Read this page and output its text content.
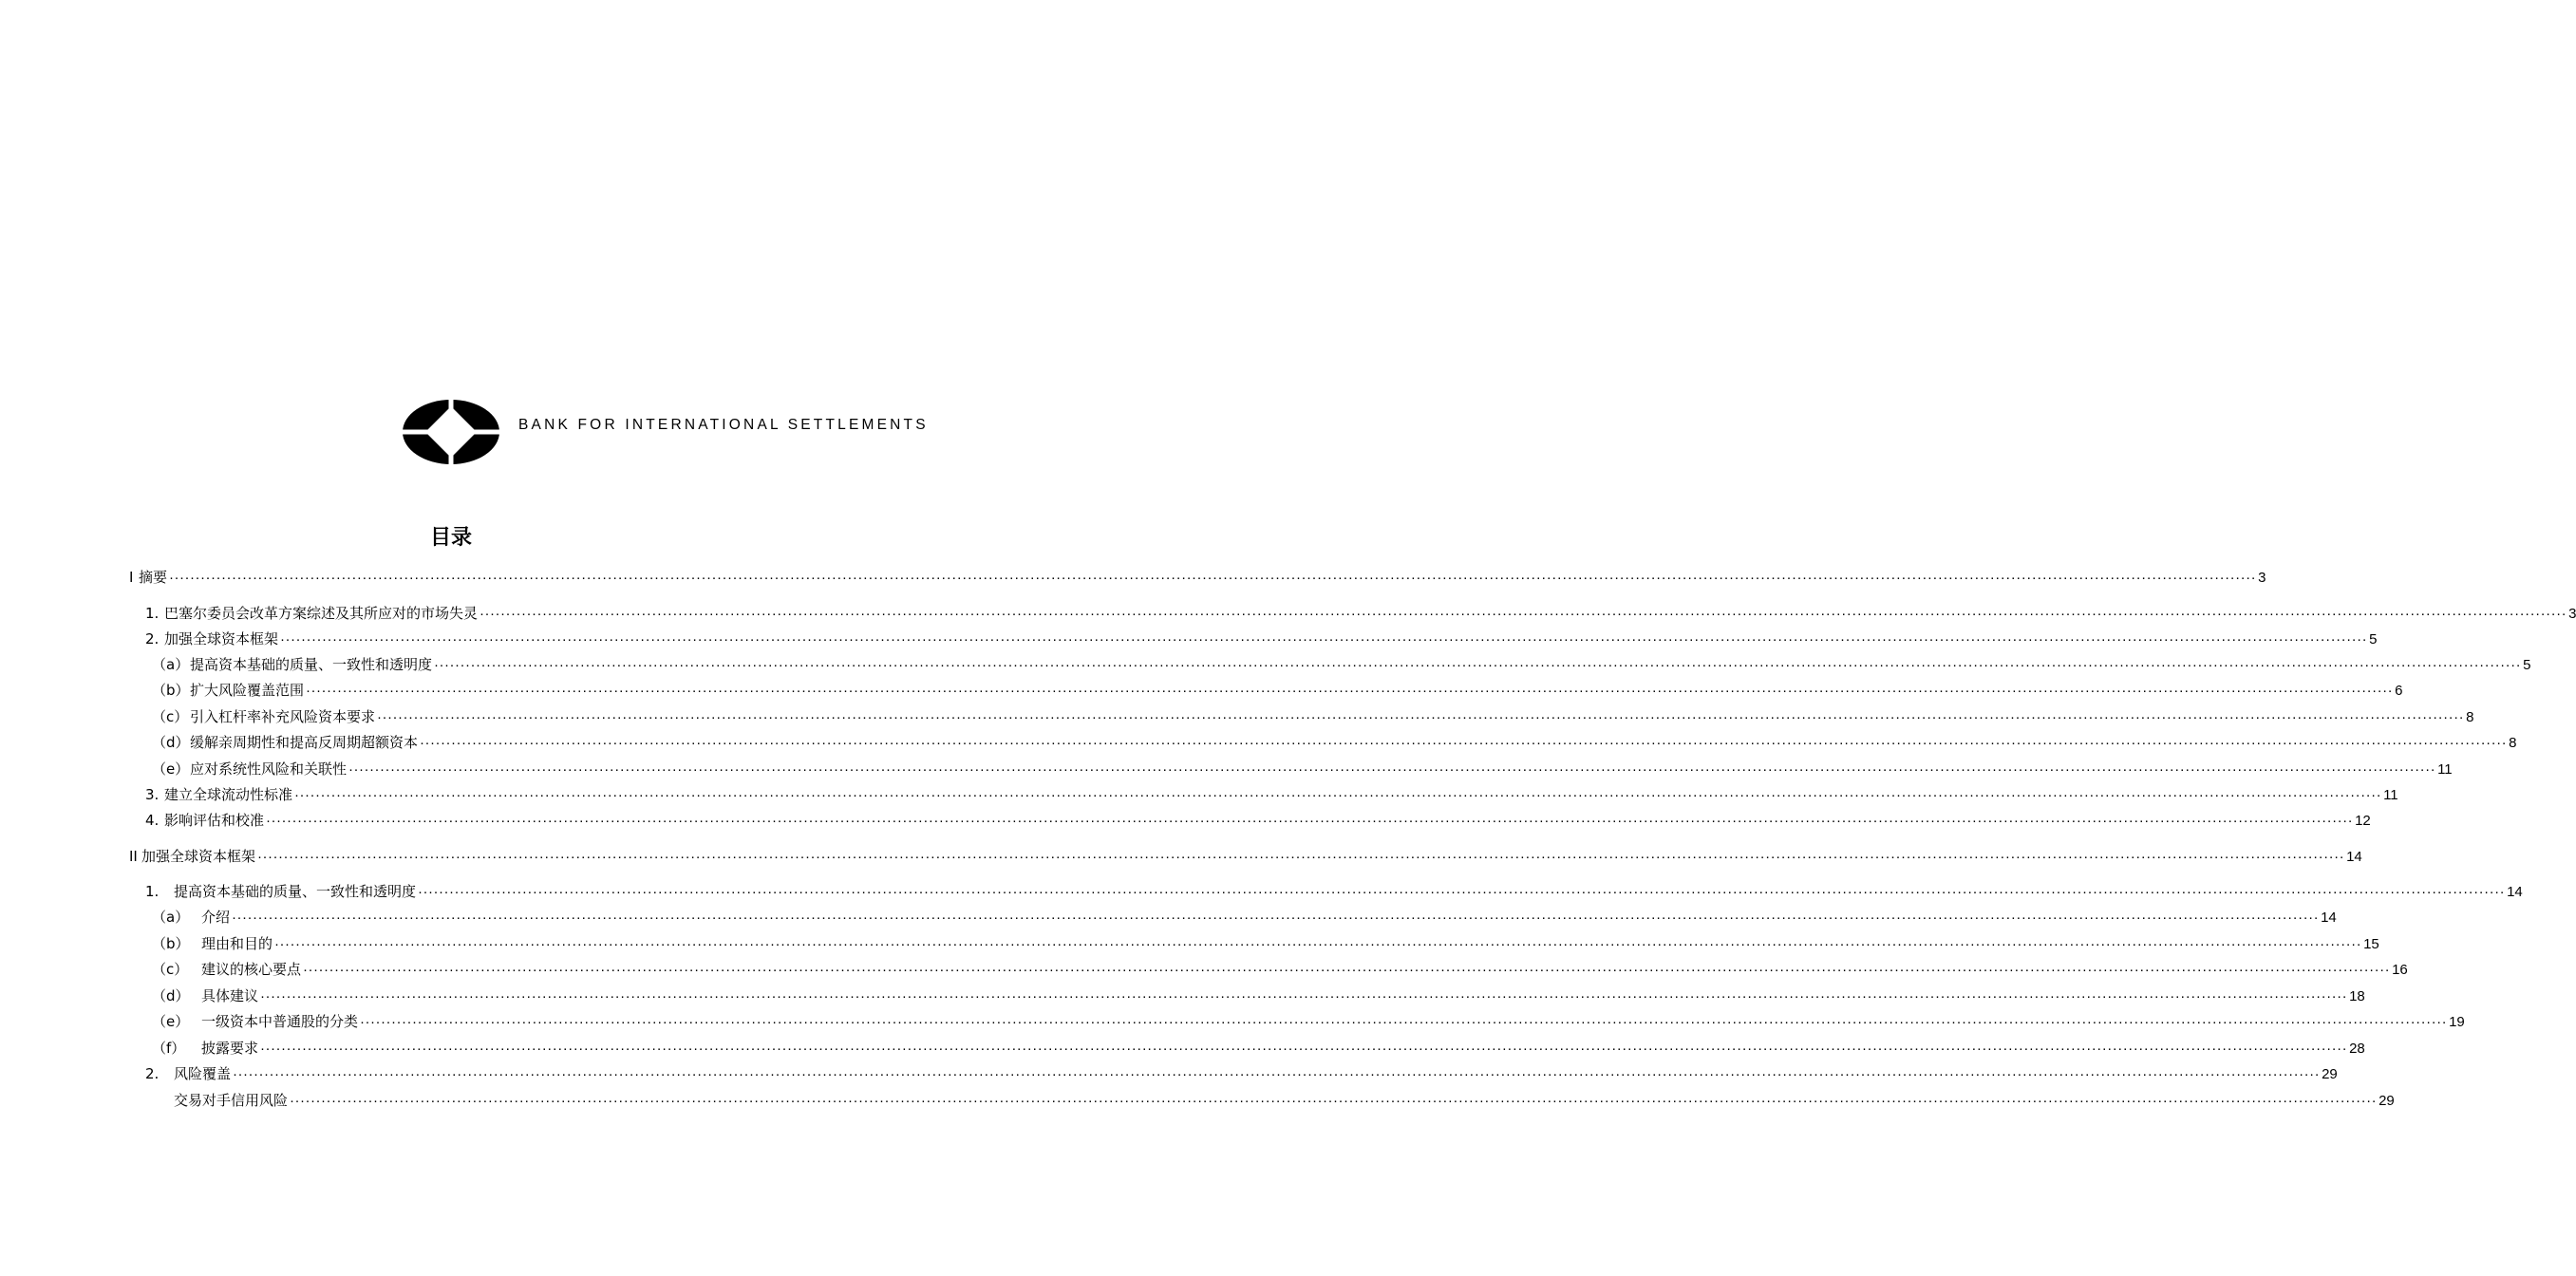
BANK FOR INTERNATIONAL SETTLEMENTS
目录
I 摘要 ················································································································································································································································································································································································································ 3
1. 巴塞尔委员会改革方案综述及其所应对的市场失灵 ················································································································································································································································································································································································································ 3
2. 加强全球资本框架 ················································································································································································································································································································································································································ 5
（a）提高资本基础的质量、一致性和透明度 ················································································································································································································································································································································································································ 5
（b）扩大风险覆盖范围 ················································································································································································································································································································································································································ 6
（c） 引入杠杆率补充风险资本要求 ················································································································································································································································································································································································································ 8
（d）缓解亲周期性和提高反周期超额资本 ················································································································································································································································································································································································································ 8
（e）应对系统性风险和关联性 ················································································································································································································································································································································································································ 11
3. 建立全球流动性标准 ················································································································································································································································································································································································································ 11
4. 影响评估和校准 ················································································································································································································································································································································································································ 12
II 加强全球资本框架 ················································································································································································································································································································································································································ 14
1. 提高资本基础的质量、一致性和透明度 ················································································································································································································································································································································································································ 14
（a） 介绍 ················································································································································································································································································································································································································ 14
（b） 理由和目的 ················································································································································································································································································································································································································ 15
（c） 建议的核心要点 ················································································································································································································································································································································································································ 16
（d） 具体建议 ················································································································································································································································································································································································································ 18
（e） 一级资本中普通股的分类 ················································································································································································································································································································································································································ 19
（f） 披露要求 ················································································································································································································································································································································································································ 28
2. 风险覆盖 ················································································································································································································································································································································································································ 29
交易对手信用风险 ················································································································································································································································································································································································································ 29
